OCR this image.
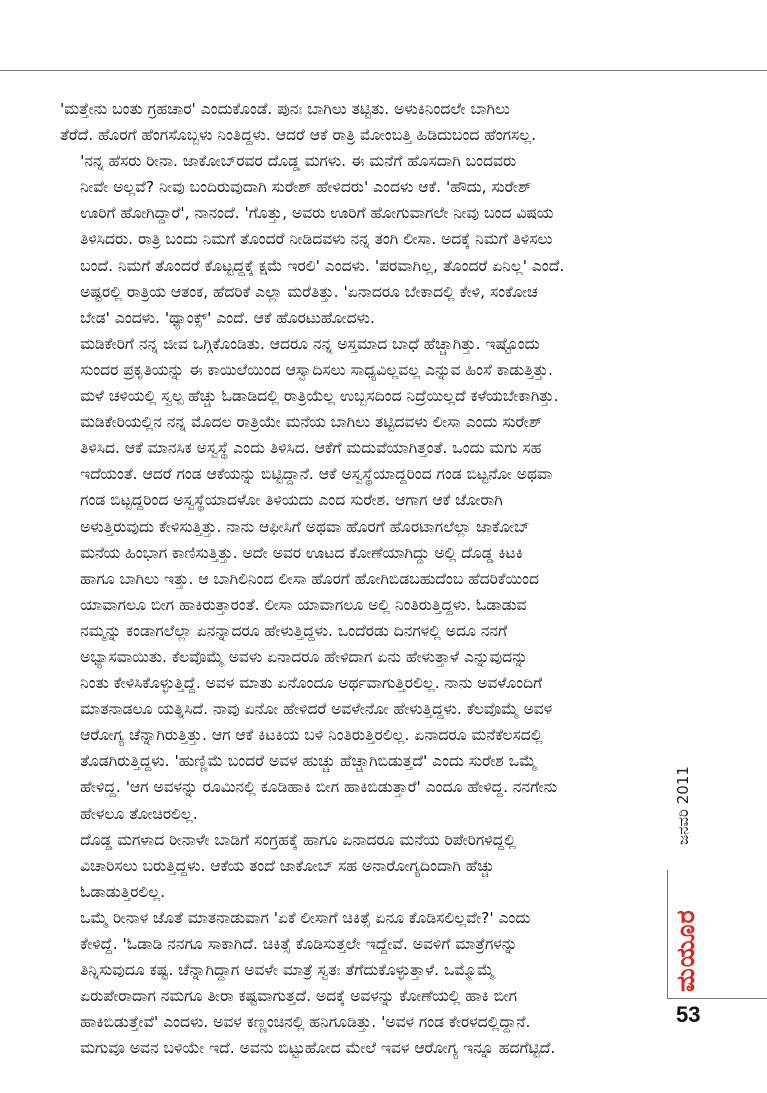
'ಮತ್ತೇನು ಬಂತು ಗ್ರಹಚಾರ' ಎಂದುಕೊಂಡೆ. ಪುನಃ ಬಾಗಿಲು ತಟ್ಟಿತು. ಅಳುಕಿನಿಂದಲೇ ಬಾಗಿಲು
ತೆರೆದೆ. ಹೊರಗೆ ಹೆಂಗಸೊಬ್ಬಳು ನಿಂತಿದ್ದಳು. ಆದರೆ ಆಕೆ ರಾತ್ರಿ ಮೋಂಬತ್ತಿ ಹಿಡಿದುಬಂದ ಹೆಂಗಸಲ್ಲ.

'ನನ್ನ ಹೆಸರು ರೀನಾ. ಜಾಕೋಬ್‌ರವರ ದೊಡ್ಡ ಮಗಳು. ಈ ಮನೆಗೆ ಹೊಸದಾಗಿ ಬಂದವರು
ನೀವೇ ಅಲ್ಲವೆ? ನೀವು ಬಂದಿರುವುದಾಗಿ ಸುರೇಶ್ ಹೇಳಿದರು' ಎಂದಳು ಆಕೆ. 'ಹೌದು, ಸುರೇಶ್
ಊರಿಗೆ ಹೋಗಿದ್ದಾರೆ', ನಾನಂದೆ. 'ಗೊತ್ತು, ಅವರು ಊರಿಗೆ ಹೋಗುವಾಗಲೇ ನೀವು ಬಂದ ವಿಷಯ
ತಿಳಿಸಿದರು. ರಾತ್ರಿ ಬಂದು ನಿಮಗೆ ತೊಂದರೆ ನೀಡಿದವಳು ನನ್ನ ತಂಗಿ ಲೀಸಾ. ಅದಕ್ಕೆ ನಿಮಗೆ ತಿಳಿಸಲು
ಬಂದೆ. ನಿಮಗೆ ತೊಂದರೆ ಕೊಟ್ಟದ್ದಕ್ಕೆ ಕ್ಷಮೆ ಇರಲಿ' ಎಂದಳು. 'ಪರವಾಗಿಲ್ಲ, ತೊಂದರೆ ಏನಿಲ್ಲ' ಎಂದೆ.
ಅಷ್ಟರಲ್ಲಿ ರಾತ್ರಿಯ ಆತಂಕ, ಹೆದರಿಕೆ ಎಲ್ಲಾ ಮರೆತಿತ್ತು. 'ಏನಾದರೂ ಬೇಕಾದಲ್ಲಿ ಕೇಳಿ, ಸಂಕೋಚ
ಬೇಡ' ಎಂದಳು. 'ಥ್ಯಾಂಕ್ಸ್' ಎಂದೆ. ಆಕೆ ಹೊರಟುಹೋದಳು.

ಮಡಿಕೇರಿಗೆ ನನ್ನ ಜೀವ ಒಗ್ಗಿಕೊಂಡಿತು. ಆದರೂ ನನ್ನ ಅಸ್ತಮಾದ ಬಾಧೆ ಹೆಚ್ಚಾಗಿತ್ತು. ಇಷ್ಟೊಂದು
ಸುಂದರ ಪ್ರಕೃತಿಯನ್ನು ಈ ಕಾಯಿಲೆಯಿಂದ ಆಸ್ವಾದಿಸಲು ಸಾಧ್ಯವಿಲ್ಲವಲ್ಲ ಎನ್ನುವ ಹಿಂಸೆ ಕಾಡುತ್ತಿತ್ತು.
ಮಳೆ ಚಳಿಯಲ್ಲಿ ಸ್ವಲ್ಪ ಹೆಚ್ಚು ಓಡಾಡಿದಲ್ಲಿ ರಾತ್ರಿಯೆಲ್ಲ ಉಬ್ಬಸದಿಂದ ನಿದ್ರೆಯಿಲ್ಲದೆ ಕಳೆಯಬೇಕಾಗಿತ್ತು.

ಮಡಿಕೇರಿಯಲ್ಲಿನ ನನ್ನ ಮೊದಲ ರಾತ್ರಿಯೇ ಮನೆಯ ಬಾಗಿಲು ತಟ್ಟಿದವಳು ಲೀಸಾ ಎಂದು ಸುರೇಶ್
ತಿಳಿಸಿದ. ಆಕೆ ಮಾನಸಿಕ ಅಸ್ವಸ್ಥೆ ಎಂದು ತಿಳಿಸಿದ. ಆಕೆಗೆ ಮದುವೆಯಾಗಿತ್ತಂತೆ. ಒಂದು ಮಗು ಸಹ
ಇದೆಯಂತೆ. ಆದರೆ ಗಂಡ ಆಕೆಯನ್ನು ಬಿಟ್ಟಿದ್ದಾನೆ. ಆಕೆ ಅಸ್ವಸ್ಥೆಯಾದ್ದರಿಂದ ಗಂಡ ಬಿಟ್ಟನೋ ಅಥವಾ
ಗಂಡ ಬಿಟ್ಟದ್ದರಿಂದ ಅಸ್ವಸ್ಥೆಯಾದಳೋ ತಿಳಿಯದು ಎಂದ ಸುರೇಶ. ಆಗಾಗ ಆಕೆ ಜೋರಾಗಿ
ಅಳುತ್ತಿರುವುದು ಕೇಳಿಸುತ್ತಿತ್ತು. ನಾನು ಆಫೀಸಿಗೆ ಅಥವಾ ಹೊರಗೆ ಹೊರಟಾಗಲೆಲ್ಲಾ ಜಾಕೋಬ್
ಮನೆಯ ಹಿಂಭಾಗ ಕಾಣಿಸುತ್ತಿತ್ತು. ಅದೇ ಅವರ ಊಟದ ಕೋಣೆಯಾಗಿದ್ದು ಅಲ್ಲಿ ದೊಡ್ಡ ಕಿಟಕಿ
ಹಾಗೂ ಬಾಗಿಲು ಇತ್ತು. ಆ ಬಾಗಿಲಿನಿಂದ ಲೀಸಾ ಹೊರಗೆ ಹೋಗಿಬಿಡಬಹುದೆಂಬ ಹೆದರಿಕೆಯಿಂದ
ಯಾವಾಗಲೂ ಬೀಗ ಹಾಕಿರುತ್ತಾರಂತೆ. ಲೀಸಾ ಯಾವಾಗಲೂ ಅಲ್ಲಿ ನಿಂತಿರುತ್ತಿದ್ದಳು. ಓಡಾಡುವ
ನಮ್ಮನ್ನು ಕಂಡಾಗಲೆಲ್ಲಾ ಏನನ್ನಾದರೂ ಹೇಳುತ್ತಿದ್ದಳು. ಒಂದೆರಡು ದಿನಗಳಲ್ಲಿ ಅದೂ ನನಗೆ
ಅಭ್ಯಾಸವಾಯಿತು. ಕೆಲವೊಮ್ಮೆ ಅವಳು ಏನಾದರೂ ಹೇಳಿದಾಗ ಏನು ಹೇಳುತ್ತಾಳೆ ಎನ್ನುವುದನ್ನು
ನಿಂತು ಕೇಳಿಸಿಕೊಳ್ಳುತ್ತಿದ್ದೆ. ಅವಳ ಮಾತು ಏನೊಂದೂ ಅರ್ಥವಾಗುತ್ತಿರಲಿಲ್ಲ. ನಾನು ಅವಳೊಂದಿಗೆ
ಮಾತನಾಡಲೂ ಯತ್ನಿಸಿದೆ. ನಾವು ಏನೋ ಹೇಳಿದರೆ ಅವಳೇನೋ ಹೇಳುತ್ತಿದ್ದಳು. ಕೆಲವೊಮ್ಮೆ ಅವಳ
ಆರೋಗ್ಯ ಚೆನ್ನಾಗಿರುತ್ತಿತ್ತು. ಆಗ ಆಕೆ ಕಿಟಕಿಯ ಬಳಿ ನಿಂತಿರುತ್ತಿರಲಿಲ್ಲ. ಏನಾದರೂ ಮನೆಕೆಲಸದಲ್ಲಿ
ತೊಡಗಿರುತ್ತಿದ್ದಳು. 'ಹುಣ್ಣಿಮೆ ಬಂದರೆ ಅವಳ ಹುಚ್ಚು ಹೆಚ್ಚಾಗಿಬಿಡುತ್ತದೆ' ಎಂದು ಸುರೇಶ ಒಮ್ಮೆ
ಹೇಳಿದ್ದ. 'ಆಗ ಅವಳನ್ನು ರೂಮಿನಲ್ಲಿ ಕೂಡಿಹಾಕಿ ಬೀಗ ಹಾಕಿಬಿಡುತ್ತಾರೆ' ಎಂದೂ ಹೇಳಿದ್ದ. ನನಗೇನು
ಹೇಳಲೂ ತೋಚಿರಲಿಲ್ಲ.

ದೊಡ್ಡ ಮಗಳಾದ ರೀನಾಳೇ ಬಾಡಿಗೆ ಸಂಗ್ರಹಕ್ಕೆ ಹಾಗೂ ಏನಾದರೂ ಮನೆಯ ರಿಪೇರಿಗಳಿದ್ದಲ್ಲಿ
ವಿಚಾರಿಸಲು ಬರುತ್ತಿದ್ದಳು. ಆಕೆಯ ತಂದೆ ಜಾಕೋಬ್ ಸಹ ಅನಾರೋಗ್ಯದಿಂದಾಗಿ ಹೆಚ್ಚು
ಓಡಾಡುತ್ತಿರಲಿಲ್ಲ.

ಒಮ್ಮೆ ರೀನಾಳ ಜೊತೆ ಮಾತನಾಡುವಾಗ 'ಏಕೆ ಲೀಸಾಗೆ ಚಿಕಿತ್ಸೆ ಏನೂ ಕೊಡಿಸಲಿಲ್ಲವೇ?' ಎಂದು
ಕೇಳಿದ್ದೆ. 'ಓಡಾಡಿ ನನಗೂ ಸಾಕಾಗಿದೆ. ಚಿಕಿತ್ಸೆ ಕೊಡಿಸುತ್ತಲೇ ಇದ್ದೇವೆ. ಅವಳಿಗೆ ಮಾತ್ರೆಗಳನ್ನು
ತಿನ್ನಿಸುವುದೂ ಕಷ್ಟ. ಚೆನ್ನಾಗಿದ್ದಾಗ ಅವಳೇ ಮಾತ್ರೆ ಸ್ವತಃ ತೆಗೆದುಕೊಳ್ಳುತ್ತಾಳೆ. ಒಮ್ಮೊಮ್ಮೆ
ಏರುಪೇರಾದಾಗ ನಮಗೂ ತೀರಾ ಕಷ್ಟವಾಗುತ್ತದೆ. ಅದಕ್ಕೆ ಅವಳನ್ನು ಕೋಣೆಯಲ್ಲಿ ಹಾಕಿ ಬೀಗ
ಹಾಕಿಬಿಡುತ್ತೇವೆ' ಎಂದಳು. ಅವಳ ಕಣ್ಣಂಚಿನಲ್ಲಿ ಹನಿಗೂಡಿತ್ತು. 'ಅವಳ ಗಂಡ ಕೇರಳದಲ್ಲಿದ್ದಾನೆ.
ಮಗುವೂ ಅವನ ಬಳಿಯೇ ಇದೆ. ಅವನು ಬಿಟ್ಟುಹೋದ ಮೇಲೆ ಇವಳ ಆರೋಗ್ಯ ಇನ್ನೂ ಹದಗೆಟ್ಟಿದೆ.

ಜನವರಿ 2011
ಮಯೂರ
53
